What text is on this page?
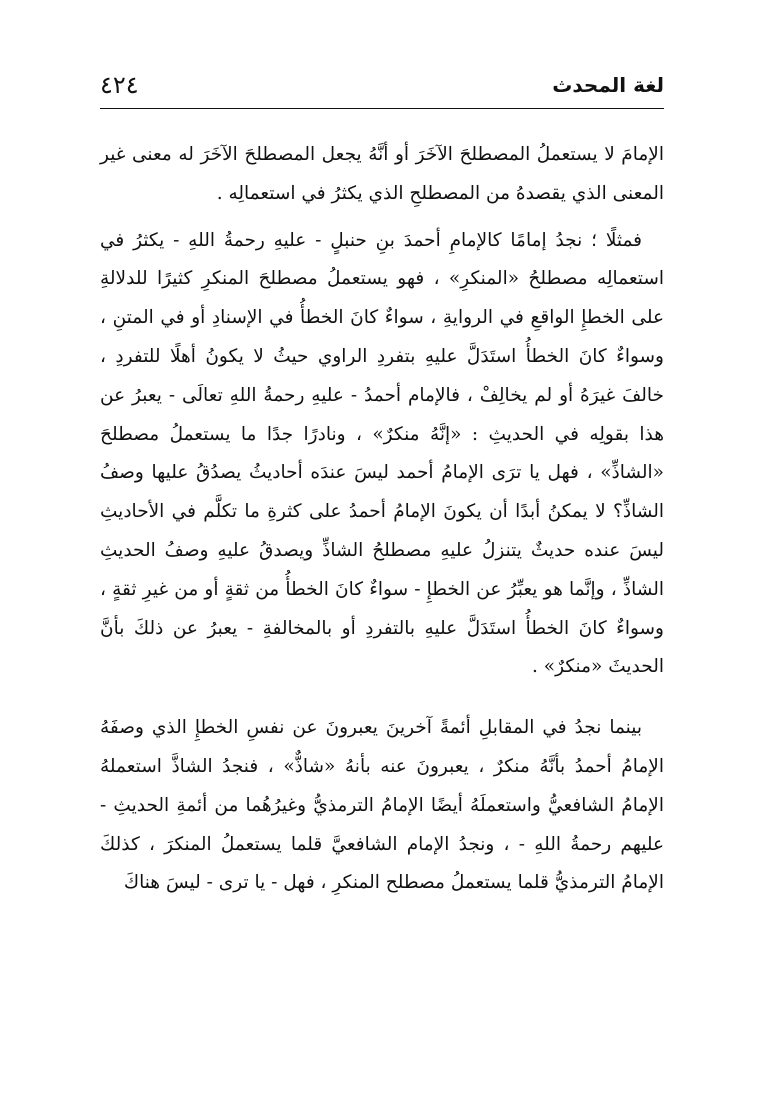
٤٢٤	لغة المحدث

الإمامَ لا يستعملُ المصطلحَ الآخَرَ أو أنَّهُ يجعل المصطلحَ الآخَرَ له معنى غير المعنى الذي يقصدهُ من المصطلحِ الذي يكثرُ في استعمالِه .

فمثلًا ؛ نجدُ إمامًا كالإمامِ أحمدَ بنِ حنبلٍ - عليهِ رحمةُ اللهِ - يكثرُ في استعمالِه مصطلحُ «المنكرِ» ، فهو يستعملُ مصطلحَ المنكرِ كثيرًا للدلالةِ على الخطإِ الواقعِ في الروايةِ ، سواءٌ كانَ الخطأُ في الإسنادِ أو في المتنِ ، وسواءٌ كانَ الخطأُ استَدَلَّ عليهِ بتفردِ الراوي حيثُ لا يكونُ أهلًا للتفردِ ، خالفَ غيرَهُ أو لم يخالِفْ ، فالإمام أحمدُ - عليهِ رحمةُ اللهِ تعالَى - يعبرُ عن هذا بقولِه في الحديثِ : «إنَّهُ منكرٌ» ، ونادرًا جدًا ما يستعملُ مصطلحَ «الشاذِّ» ، فهل يا ترَى الإمامُ أحمد ليسَ عندَه أحاديثُ يصدُقُ عليها وصفُ الشاذِّ؟ لا يمكنُ أبدًا أن يكونَ الإمامُ أحمدُ على كثرةِ ما تكلَّم في الأحاديثِ ليسَ عنده حديثٌ يتنزلُ عليهِ مصطلحُ الشاذِّ ويصدقُ عليهِ وصفُ الحديثِ الشاذِّ ، وإنَّما هو يعبِّرُ عن الخطإِ - سواءٌ كانَ الخطأُ من ثقةٍ أو من غيرِ ثقةٍ ، وسواءٌ كانَ الخطأُ استَدَلَّ عليهِ بالتفردِ أو بالمخالفةِ - يعبرُ عن ذلكَ بأنَّ الحديثَ «منكرٌ» .

بينما نجدُ في المقابلِ أئمةً آخرينَ يعبرونَ عن نفسِ الخطإِ الذي وصفَهُ الإمامُ أحمدُ بأنَّهُ منكرٌ ، يعبرونَ عنه بأنهُ «شاذٌّ» ، فنجدُ الشاذَّ استعملهُ الإمامُ الشافعيُّ واستعملَهُ أيضًا الإمامُ الترمذيُّ وغيرُهُما من أئمةِ الحديثِ - عليهم رحمةُ اللهِ - ، ونجدُ الإمام الشافعيَّ قلما يستعملُ المنكرَ ، كذلكَ الإمامُ الترمذيُّ قلما يستعملُ مصطلح المنكرِ ، فهل - يا ترى - ليسَ هناكَ
